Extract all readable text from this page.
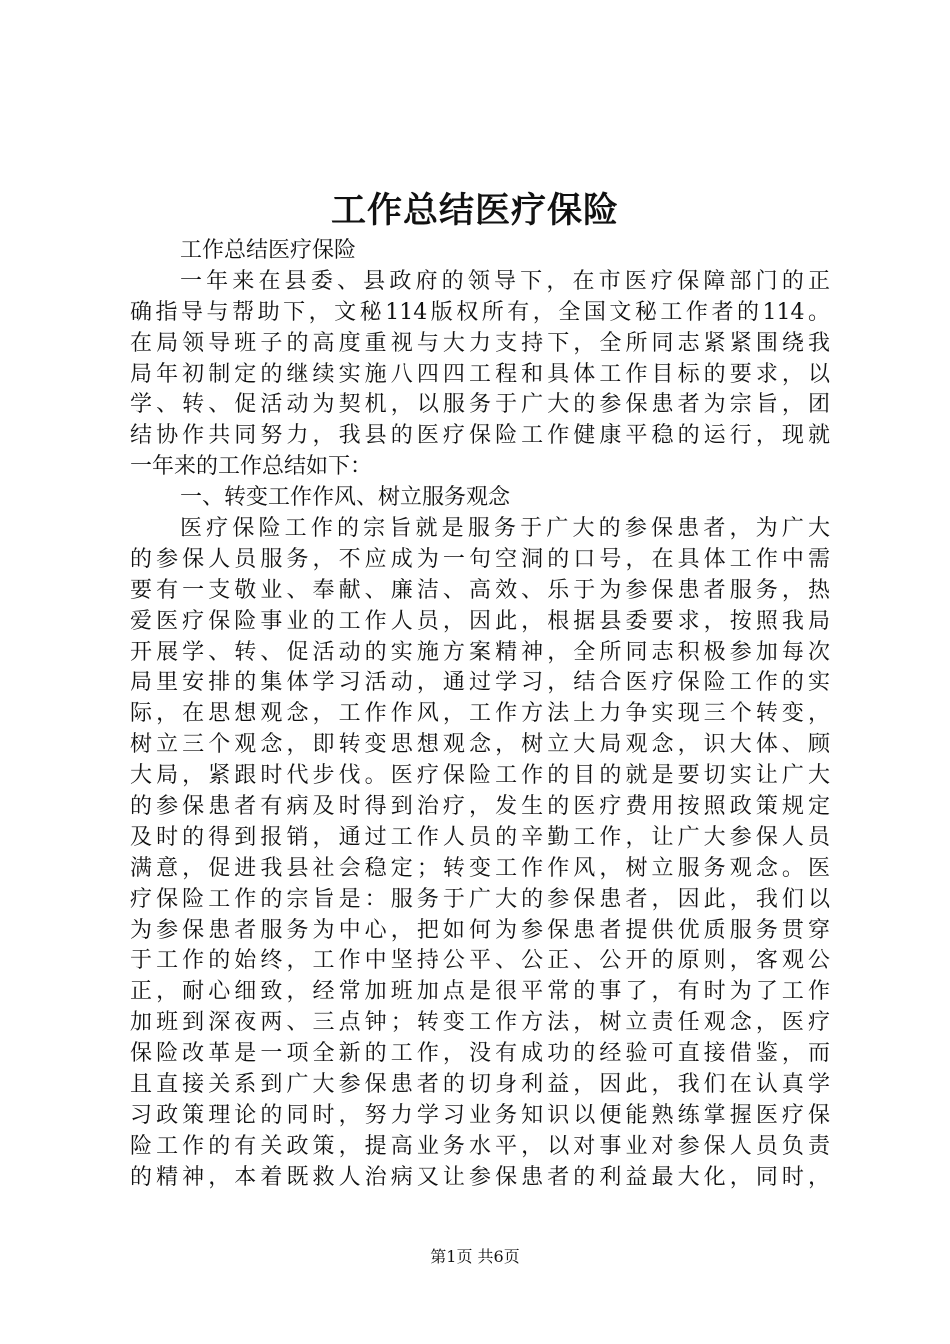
工作总结医疗保险
工作总结医疗保险
一年来在县委、县政府的领导下，在市医疗保障部门的正
确指导与帮助下，文秘114版权所有，全国文秘工作者的114。
在局领导班子的高度重视与大力支持下，全所同志紧紧围绕我
局年初制定的继续实施八四四工程和具体工作目标的要求，以
学、转、促活动为契机，以服务于广大的参保患者为宗旨，团
结协作共同努力，我县的医疗保险工作健康平稳的运行，现就
一年来的工作总结如下：
一、转变工作作风、树立服务观念
医疗保险工作的宗旨就是服务于广大的参保患者，为广大
的参保人员服务，不应成为一句空洞的口号，在具体工作中需
要有一支敬业、奉献、廉洁、高效、乐于为参保患者服务，热
爱医疗保险事业的工作人员，因此，根据县委要求，按照我局
开展学、转、促活动的实施方案精神，全所同志积极参加每次
局里安排的集体学习活动，通过学习，结合医疗保险工作的实
际，在思想观念，工作作风，工作方法上力争实现三个转变，
树立三个观念，即转变思想观念，树立大局观念，识大体、顾
大局，紧跟时代步伐。医疗保险工作的目的就是要切实让广大
的参保患者有病及时得到治疗，发生的医疗费用按照政策规定
及时的得到报销，通过工作人员的辛勤工作，让广大参保人员
满意，促进我县社会稳定；转变工作作风，树立服务观念。医
疗保险工作的宗旨是：服务于广大的参保患者，因此，我们以
为参保患者服务为中心，把如何为参保患者提供优质服务贯穿
于工作的始终，工作中坚持公平、公正、公开的原则，客观公
正，耐心细致，经常加班加点是很平常的事了，有时为了工作
加班到深夜两、三点钟；转变工作方法，树立责任观念，医疗
保险改革是一项全新的工作，没有成功的经验可直接借鉴，而
且直接关系到广大参保患者的切身利益，因此，我们在认真学
习政策理论的同时，努力学习业务知识以便能熟练掌握医疗保
险工作的有关政策，提高业务水平，以对事业对参保人员负责
的精神，本着既救人治病又让参保患者的利益最大化，同时，
第1页 共6页
